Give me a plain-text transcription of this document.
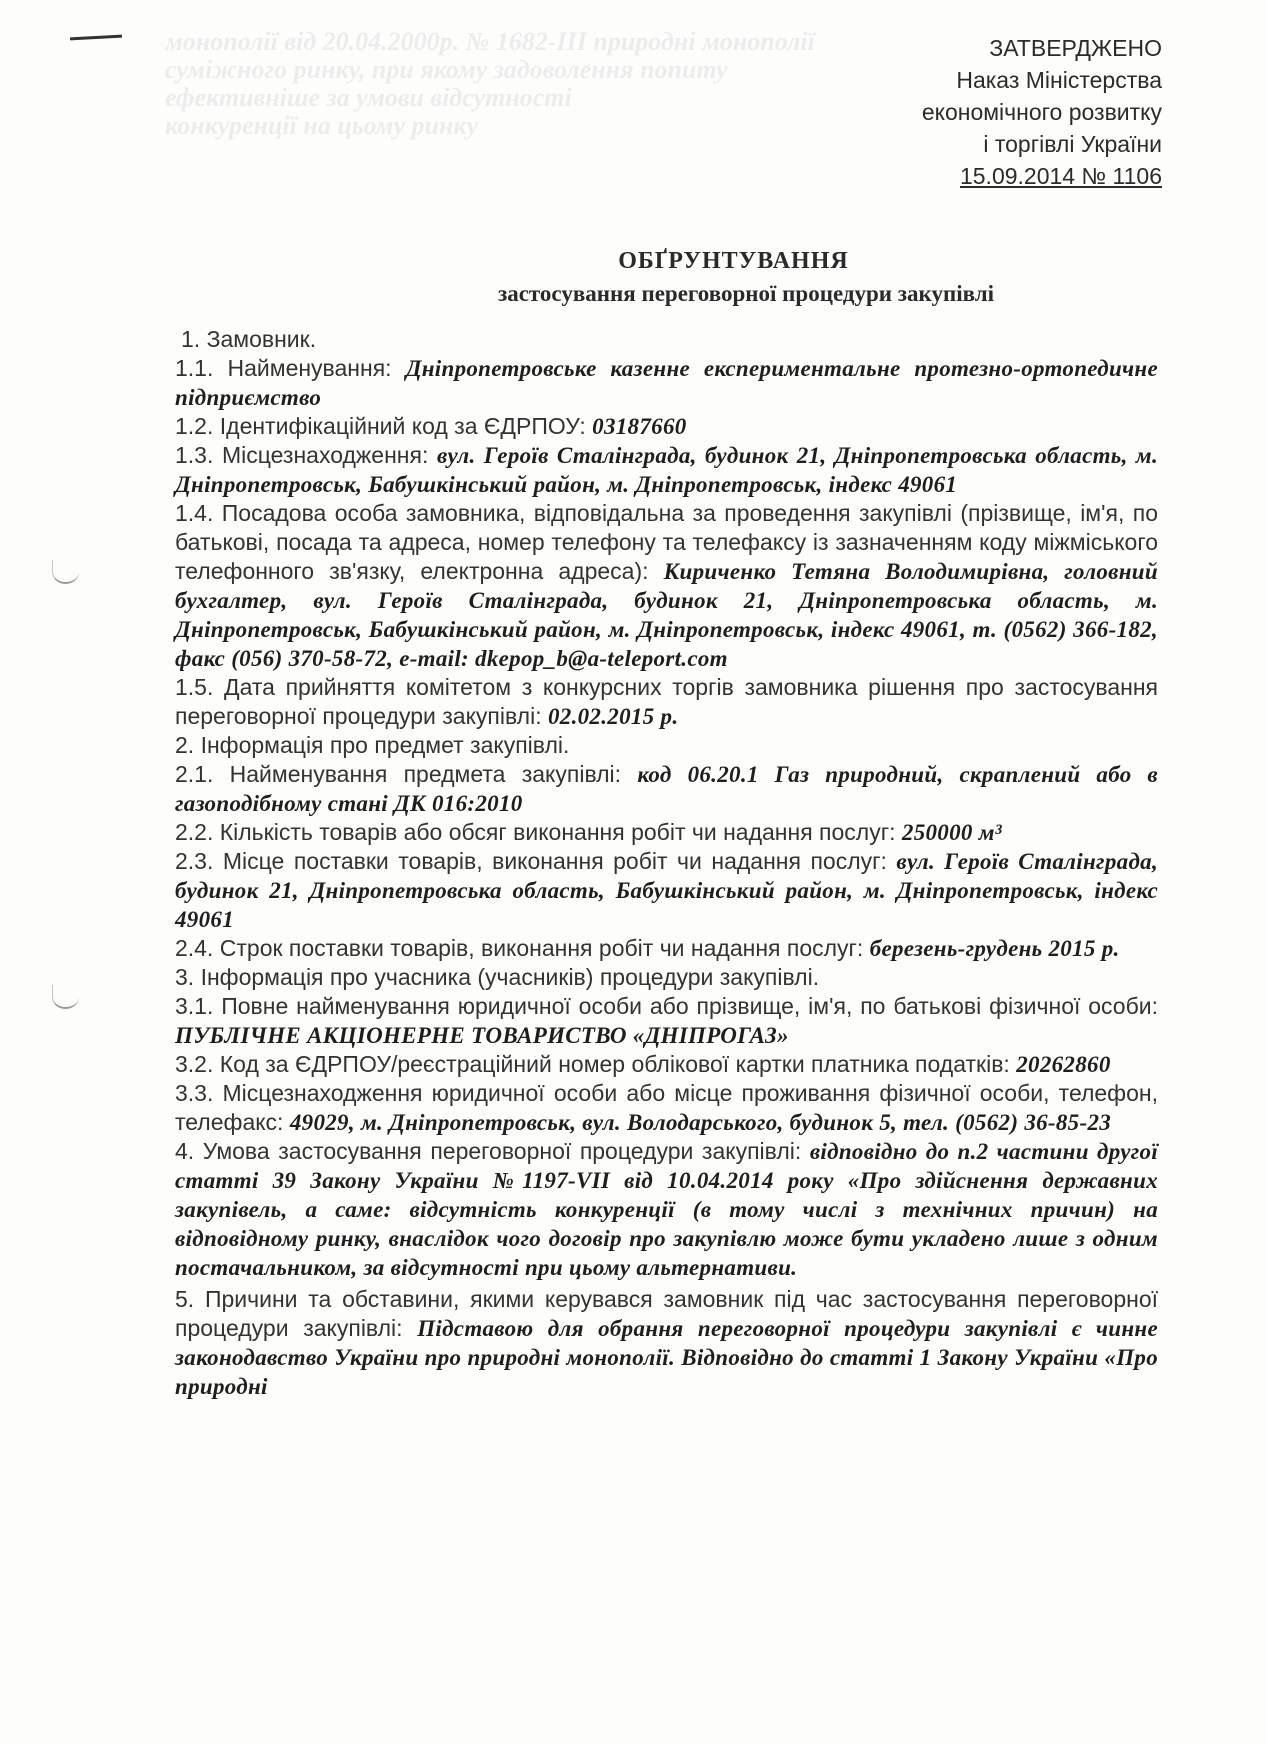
монополії від 20.04.2000р. № 1682-ІІІ природні монополії
суміжного ринку, при якому задоволення попиту
ефективніше за умови відсутності
конкуренції на цьому ринку
ЗАТВЕРДЖЕНО
Наказ Міністерства
економічного розвитку
і торгівлі України
15.09.2014 № 1106
ОБҐРУНТУВАННЯ
застосування переговорної процедури закупівлі

1. Замовник.

1.1. Найменування: Дніпропетровське казенне експериментальне протезно-ортопедичне підприємство

1.2. Ідентифікаційний код за ЄДРПОУ: 03187660

1.3. Місцезнаходження: вул. Героїв Сталінграда, будинок 21, Дніпропетровська область, м. Дніпропетровськ, Бабушкінський район, м. Дніпропетровськ, індекс 49061

1.4. Посадова особа замовника, відповідальна за проведення закупівлі (прізвище, ім'я, по батькові, посада та адреса, номер телефону та телефаксу із зазначенням коду міжміського телефонного зв'язку, електронна адреса): Кириченко Тетяна Володимирівна, головний бухгалтер, вул. Героїв Сталінграда, будинок 21, Дніпропетровська область, м. Дніпропетровськ, Бабушкінський район, м. Дніпропетровськ, індекс 49061, т. (0562) 366-182, факс (056) 370-58-72, e-mail: dkepop_b@a-teleport.com

1.5. Дата прийняття комітетом з конкурсних торгів замовника рішення про застосування переговорної процедури закупівлі: 02.02.2015 р.

2. Інформація про предмет закупівлі.

2.1. Найменування предмета закупівлі: код 06.20.1 Газ природний, скраплений або в газоподібному стані ДК 016:2010

2.2. Кількість товарів або обсяг виконання робіт чи надання послуг: 250000 м³

2.3. Місце поставки товарів, виконання робіт чи надання послуг: вул. Героїв Сталінграда, будинок 21, Дніпропетровська область, Бабушкінський район, м. Дніпропетровськ, індекс 49061

2.4. Строк поставки товарів, виконання робіт чи надання послуг: березень-грудень 2015 р.

3. Інформація про учасника (учасників) процедури закупівлі.

3.1. Повне найменування юридичної особи або прізвище, ім'я, по батькові фізичної особи: ПУБЛІЧНЕ АКЦІОНЕРНЕ ТОВАРИСТВО «ДНІПРОГАЗ»

3.2. Код за ЄДРПОУ/реєстраційний номер облікової картки платника податків: 20262860

3.3. Місцезнаходження юридичної особи або місце проживання фізичної особи, телефон, телефакс: 49029, м. Дніпропетровськ, вул. Володарського, будинок 5, тел. (0562) 36-85-23

4. Умова застосування переговорної процедури закупівлі: відповідно до п.2 частини другої статті 39 Закону України №1197-VII від 10.04.2014 року «Про здійснення державних закупівель, а саме: відсутність конкуренції (в тому числі з технічних причин) на відповідному ринку, внаслідок чого договір про закупівлю може бути укладено лише з одним постачальником, за відсутності при цьому альтернативи.

5. Причини та обставини, якими керувався замовник під час застосування переговорної процедури закупівлі: Підставою для обрання переговорної процедури закупівлі є чинне законодавство України про природні монополії. Відповідно до статті 1 Закону України «Про природні
